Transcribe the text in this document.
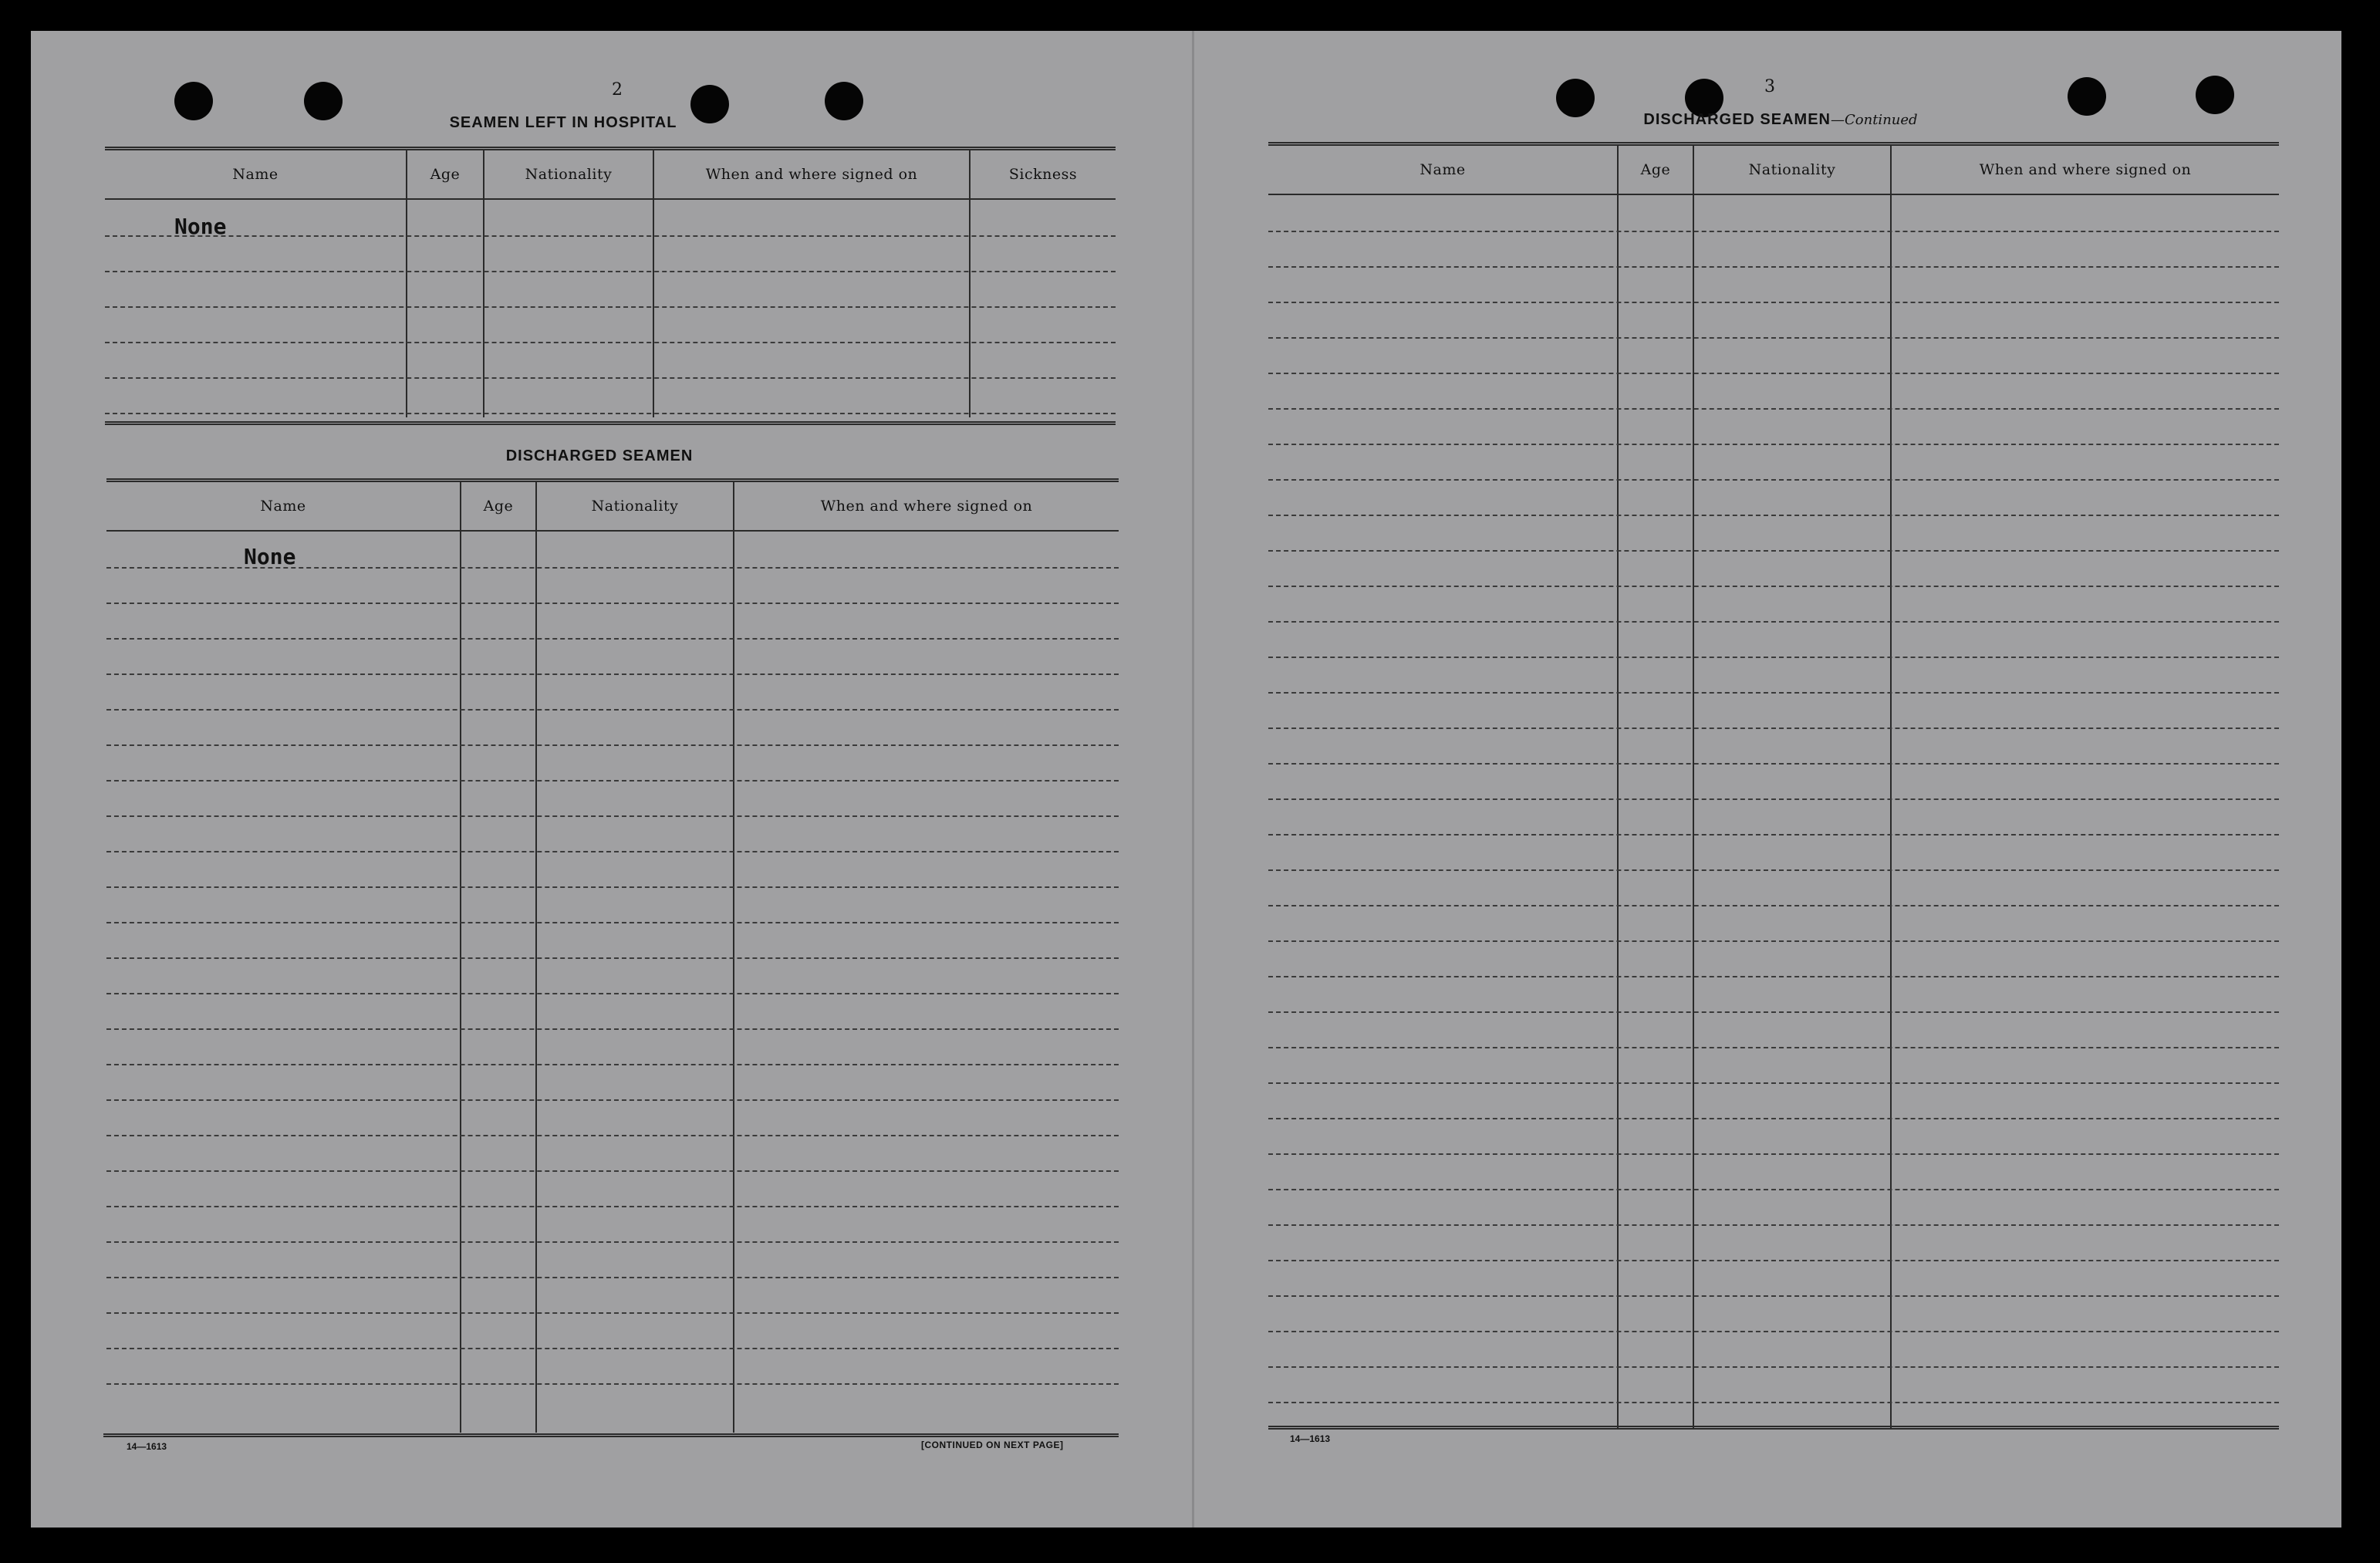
2
SEAMEN LEFT IN HOSPITAL
Name	Age	Nationality	When and where signed on	Sickness
None
DISCHARGED SEAMEN
Name	Age	Nationality	When and where signed on
None
14—1613	[CONTINUED ON NEXT PAGE]
3
DISCHARGED SEAMEN—Continued
Name	Age	Nationality	When and where signed on
14—1613
